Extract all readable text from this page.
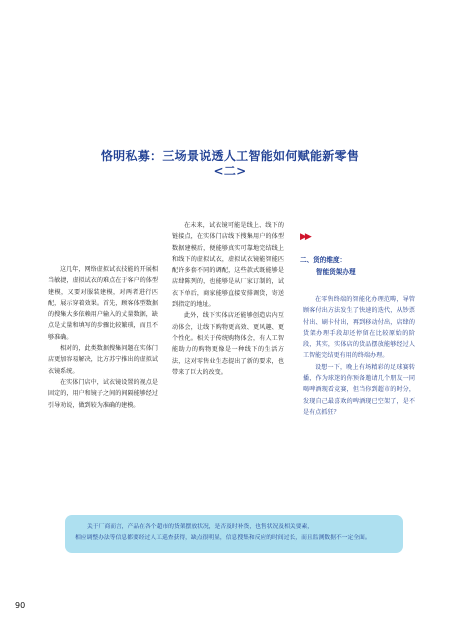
恪明私募：三场景说透人工智能如何赋能新零售
<二>

这几年，网络虚拟试衣技能的开展相当敏捷，虚拟试衣的难点在于客户的体型建模，又要对服装建模，对两者进行匹配，展示穿着效果。首先，顾客体型数据的搜集大多依赖用户输入的丈量数据，缺点是丈量和填写的步骤比较繁琐，而且不够准确。

相对的，此类数据搜集问题在实体门店更加容易解决，比方苏宁推出的虚拟试衣镜系统。

在实体门店中，试衣镜设置的视点是固定的，用户和镜子之间的间隔能够经过引导劝说，做到较为准确的建模。

在未来，试衣镜可能是线上、线下的链接点，在实体门店线下搜集用户的体型数据建模后，便能够真实可靠地完结线上和线下的虚拟试衣，虚拟试衣镜能智能匹配许多套不同的调配，这些款式既能够是店肆陈列的，也能够是从厂家订制的，试衣下单后，商家能够直接安排调货，寄送到指定的地址。

此外，线下实体店还能够创造店内互动体会，让线下购物更高效、更风趣、更个性化。相关于传统购物体会，有人工智能助力的购物更像是一种线下的生活方法，这对零售业生态提出了新的要求，也带来了巨大的改变。

▶▶
二、货的维度：
智能货架办理

在零售终端的智能化办理范畴，导管顾客付出方法发生了快速的迭代，从钞票付出、刷卡付出，再到移动付出，店肆的货架办理手段却还停留在比较原始的阶段，其实，实体店的货品摆放能够经过人工智能完结更有用的终端办理。

设想一下，晚上有场精彩的足球赛转播，作为球迷的你预备邀请几个朋友一同喝啤酒现看竞赛，但当你到超市的时分，发现自己最喜欢的啤酒现已空架了，是不是有点抓狂？

关于厂商而言，产品在各个超市的货架摆放状况，是否及时补货，也售状况及相关要素，
相应调整办法等信息都要经过人工巡查获得，缺点很明显，信息搜集和反应的时间过长，而且监测数据不一定全面。
90
